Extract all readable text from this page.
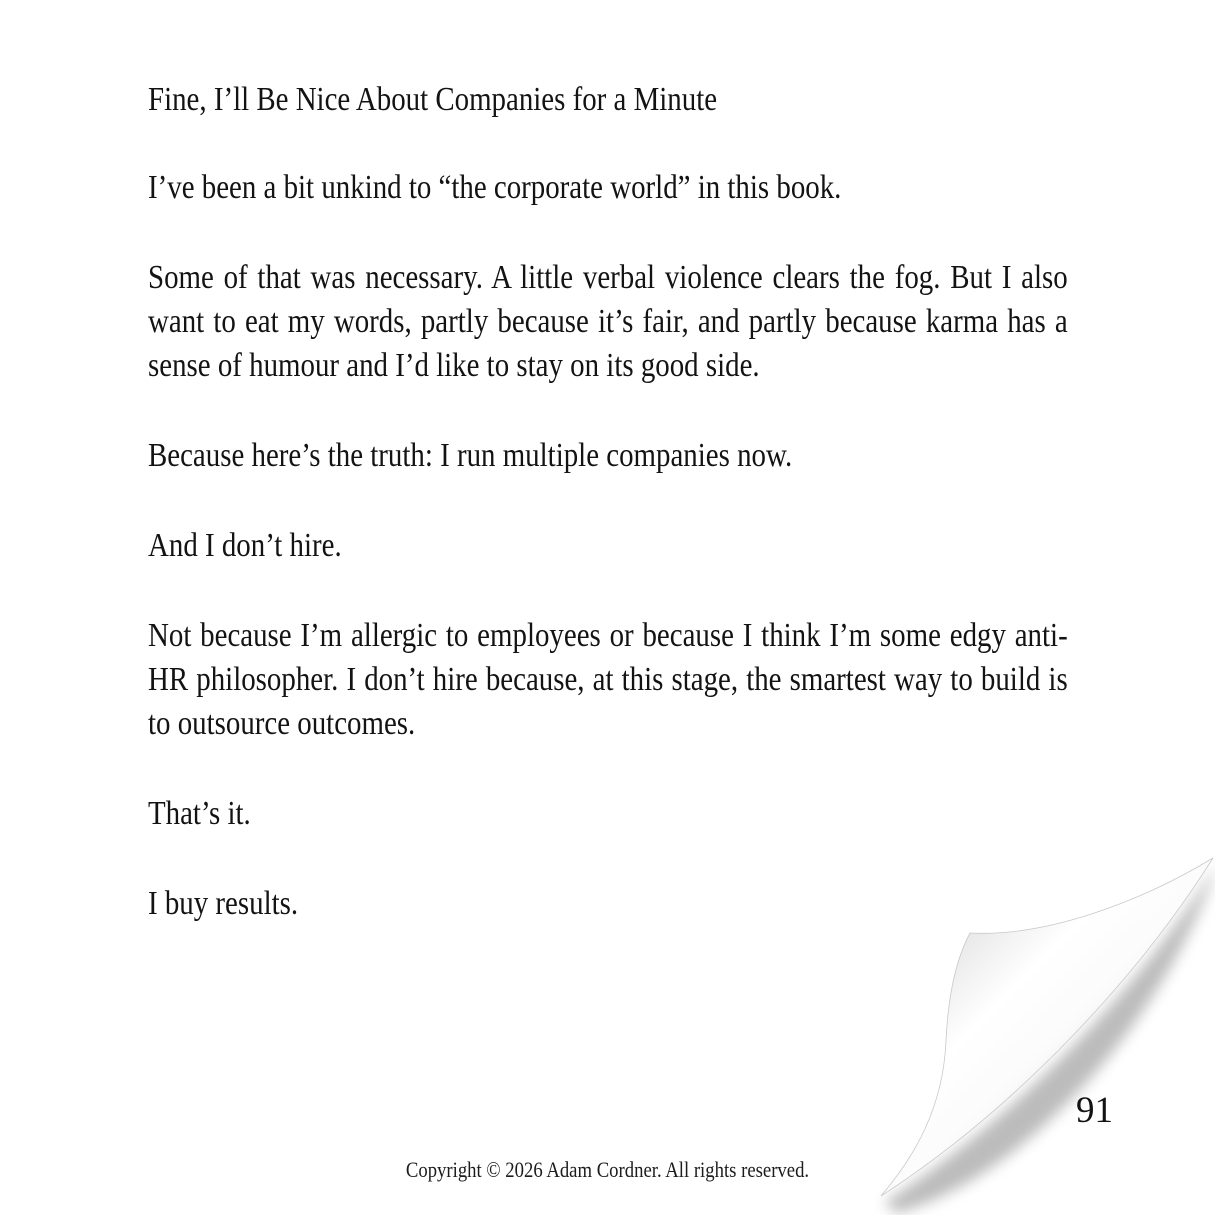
Fine, I’ll Be Nice About Companies for a Minute

I’ve been a bit unkind to “the corporate world” in this book.

Some of that was necessary. A little verbal violence clears the fog. But I also want to eat my words, partly because it’s fair, and partly because karma has a sense of humour and I’d like to stay on its good side.

Because here’s the truth: I run multiple companies now.

And I don’t hire.

Not because I’m allergic to employees or because I think I’m some edgy anti-HR philosopher. I don’t hire because, at this stage, the smartest way to build is to outsource outcomes.

That’s it.

I buy results.

91
Copyright © 2026 Adam Cordner. All rights reserved.
